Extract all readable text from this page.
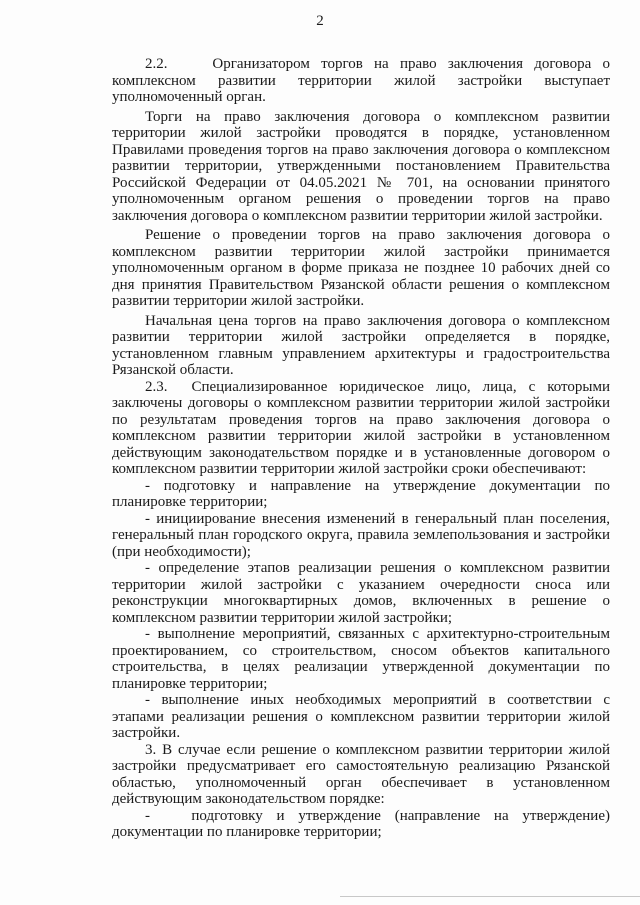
2

2.2.    Организатором торгов на право заключения договора о комплексном развитии территории жилой застройки выступает уполномоченный орган.

Торги на право заключения договора о комплексном развитии территории жилой застройки проводятся в порядке, установленном Правилами проведения торгов на право заключения договора о комплексном развитии территории, утвержденными постановлением Правительства Российской Федерации от 04.05.2021 № 701, на основании принятого уполномоченным органом решения о проведении торгов на право заключения договора о комплексном развитии территории жилой застройки.

Решение о проведении торгов на право заключения договора о комплексном развитии территории жилой застройки принимается уполномоченным органом в форме приказа не позднее 10 рабочих дней со дня принятия Правительством Рязанской области решения о комплексном развитии территории жилой застройки.

Начальная цена торгов на право заключения договора о комплексном развитии территории жилой застройки определяется в порядке, установленном главным управлением архитектуры и градостроительства Рязанской области.

2.3.  Специализированное юридическое лицо, лица, с которыми заключены договоры о комплексном развитии территории жилой застройки по результатам проведения торгов на право заключения договора о комплексном развитии территории жилой застройки в установленном действующим законодательством порядке и в установленные договором о комплексном развитии территории жилой застройки сроки обеспечивают:

- подготовку и направление на утверждение документации по планировке территории;

- инициирование внесения изменений в генеральный план поселения, генеральный план городского округа, правила землепользования и застройки (при необходимости);

- определение этапов реализации решения о комплексном развитии территории жилой застройки с указанием очередности сноса или реконструкции многоквартирных домов, включенных в решение о комплексном развитии территории жилой застройки;

- выполнение мероприятий, связанных с архитектурно-строительным проектированием, со строительством, сносом объектов капитального строительства, в целях реализации утвержденной документации по планировке территории;

- выполнение иных необходимых мероприятий в соответствии с этапами реализации решения о комплексном развитии территории жилой застройки.

3. В случае если решение о комплексном развитии территории жилой застройки предусматривает его самостоятельную реализацию Рязанской областью, уполномоченный орган обеспечивает в установленном действующим законодательством порядке:

-   подготовку и утверждение (направление на утверждение) документации по планировке территории;
